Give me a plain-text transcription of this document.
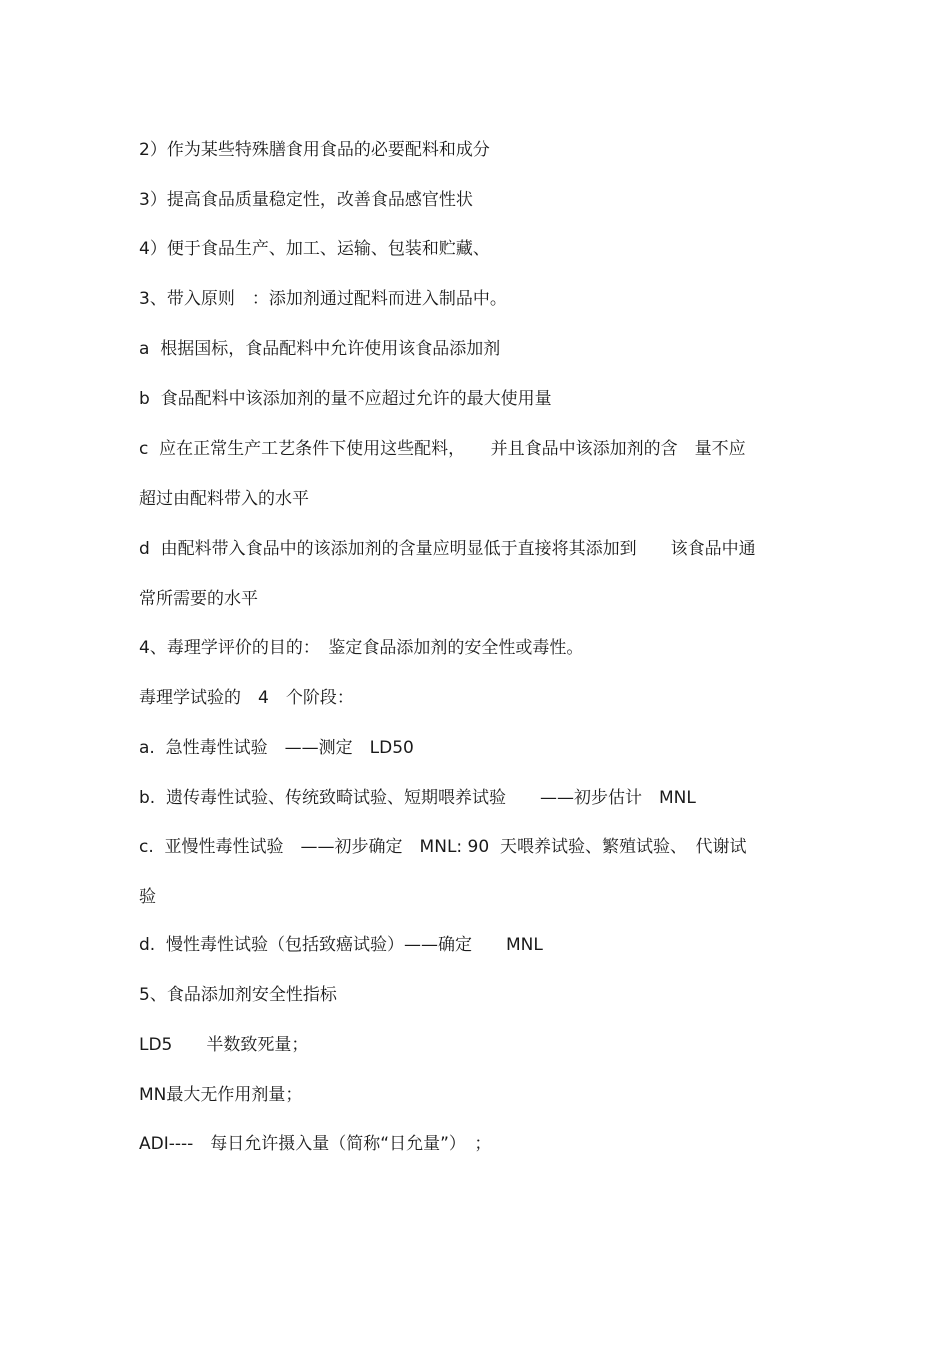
2）作为某些特殊膳食用食品的必要配料和成分
3）提高食品质量稳定性，改善食品感官性状
4）便于食品生产、加工、运输、包装和贮藏、
3、带入原则　：添加剂通过配料而进入制品中。
a  根据国标，食品配料中允许使用该食品添加剂
b  食品配料中该添加剂的量不应超过允许的最大使用量
c  应在正常生产工艺条件下使用这些配料，　　并且食品中该添加剂的含　量不应
超过由配料带入的水平
d  由配料带入食品中的该添加剂的含量应明显低于直接将其添加到　　该食品中通
常所需要的水平
4、毒理学评价的目的：　鉴定食品添加剂的安全性或毒性。
毒理学试验的　4　个阶段：
a.  急性毒性试验　——测定　LD50
b.  遗传毒性试验、传统致畸试验、短期喂养试验　　——初步估计　MNL
c.  亚慢性毒性试验　——初步确定　MNL: 90  天喂养试验、繁殖试验、　代谢试
验
d.  慢性毒性试验（包括致癌试验）——确定　　MNL
5、食品添加剂安全性指标
LD5　　半数致死量；
MN最大无作用剂量；
ADI----　每日允许摄入量（简称“日允量”）　；
